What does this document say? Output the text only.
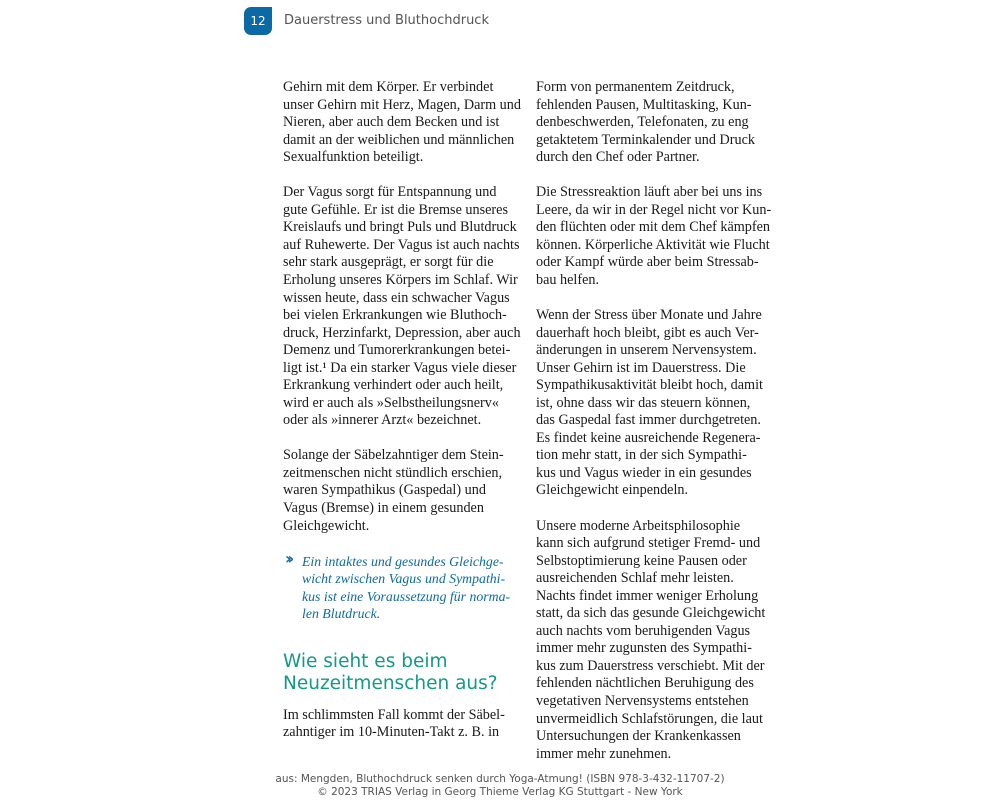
12	Dauerstress und Bluthochdruck

Gehirn mit dem Körper. Er verbindet
unser Gehirn mit Herz, Magen, Darm und
Nieren, aber auch dem Becken und ist
damit an der weiblichen und männlichen
Sexualfunktion beteiligt.

Der Vagus sorgt für Entspannung und
gute Gefühle. Er ist die Bremse unseres
Kreislaufs und bringt Puls und Blutdruck
auf Ruhewerte. Der Vagus ist auch nachts
sehr stark ausgeprägt, er sorgt für die
Erholung unseres Körpers im Schlaf. Wir
wissen heute, dass ein schwacher Vagus
bei vielen Erkrankungen wie Bluthoch-
druck, Herzinfarkt, Depression, aber auch
Demenz und Tumorerkrankungen betei-
ligt ist.¹ Da ein starker Vagus viele dieser
Erkrankung verhindert oder auch heilt,
wird er auch als »Selbstheilungsnerv«
oder als »innerer Arzt« bezeichnet.

Solange der Säbelzahntiger dem Stein-
zeitmenschen nicht stündlich erschien,
waren Sympathikus (Gaspedal) und
Vagus (Bremse) in einem gesunden
Gleichgewicht.

›› Ein intaktes und gesundes Gleichge-
wicht zwischen Vagus und Sympathi-
kus ist eine Voraussetzung für norma-
len Blutdruck.
Wie sieht es beim
Neuzeitmenschen aus?

Im schlimmsten Fall kommt der Säbel-
zahntiger im 10-Minuten-Takt z. B. in

Form von permanentem Zeitdruck,
fehlenden Pausen, Multitasking, Kun-
denbeschwerden, Telefonaten, zu eng
getaktetem Terminkalender und Druck
durch den Chef oder Partner.

Die Stressreaktion läuft aber bei uns ins
Leere, da wir in der Regel nicht vor Kun-
den flüchten oder mit dem Chef kämpfen
können. Körperliche Aktivität wie Flucht
oder Kampf würde aber beim Stressab-
bau helfen.

Wenn der Stress über Monate und Jahre
dauerhaft hoch bleibt, gibt es auch Ver-
änderungen in unserem Nervensystem.
Unser Gehirn ist im Dauerstress. Die
Sympathikusaktivität bleibt hoch, damit
ist, ohne dass wir das steuern können,
das Gaspedal fast immer durchgetreten.
Es findet keine ausreichende Regenera-
tion mehr statt, in der sich Sympathi-
kus und Vagus wieder in ein gesundes
Gleichgewicht einpendeln.

Unsere moderne Arbeitsphilosophie
kann sich aufgrund stetiger Fremd- und
Selbstoptimierung keine Pausen oder
ausreichenden Schlaf mehr leisten.
Nachts findet immer weniger Erholung
statt, da sich das gesunde Gleichgewicht
auch nachts vom beruhigenden Vagus
immer mehr zugunsten des Sympathi-
kus zum Dauerstress verschiebt. Mit der
fehlenden nächtlichen Beruhigung des
vegetativen Nervensystems entstehen
unvermeidlich Schlafstörungen, die laut
Untersuchungen der Krankenkassen
immer mehr zunehmen.

aus: Mengden, Bluthochdruck senken durch Yoga-Atmung! (ISBN 978-3-432-11707-2)
© 2023 TRIAS Verlag in Georg Thieme Verlag KG Stuttgart - New York
